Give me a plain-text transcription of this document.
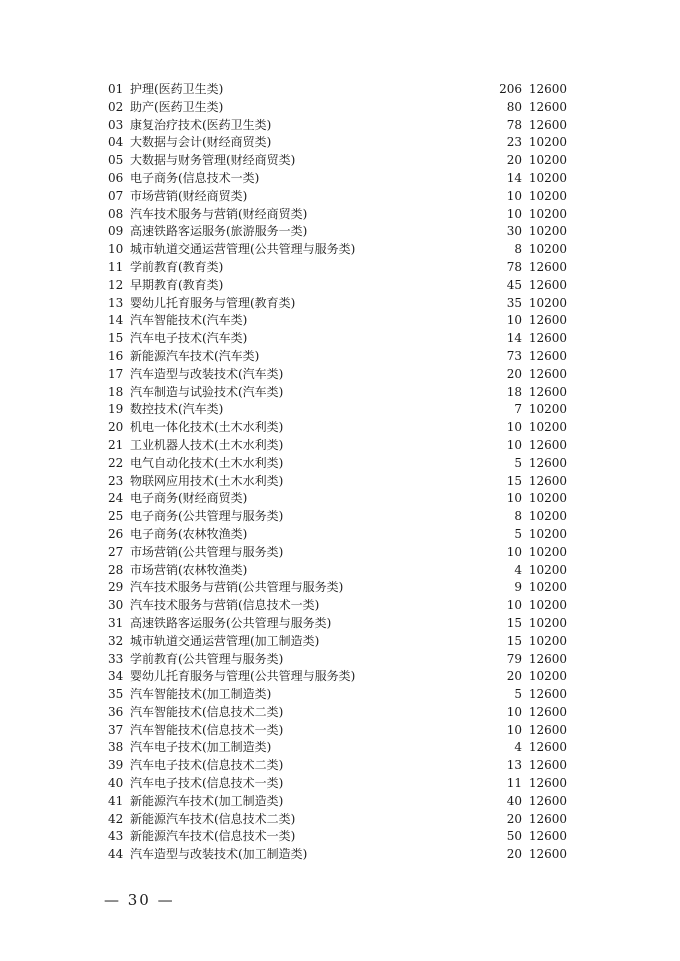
01 护理(医药卫生类)	206 12600
02 助产(医药卫生类)	80 12600
03 康复治疗技术(医药卫生类)	78 12600
04 大数据与会计(财经商贸类)	23 10200
05 大数据与财务管理(财经商贸类)	20 10200
06 电子商务(信息技术一类)	14 10200
07 市场营销(财经商贸类)	10 10200
08 汽车技术服务与营销(财经商贸类)	10 10200
09 高速铁路客运服务(旅游服务一类)	30 10200
10 城市轨道交通运营管理(公共管理与服务类)	8 10200
11 学前教育(教育类)	78 12600
12 早期教育(教育类)	45 12600
13 婴幼儿托育服务与管理(教育类)	35 10200
14 汽车智能技术(汽车类)	10 12600
15 汽车电子技术(汽车类)	14 12600
16 新能源汽车技术(汽车类)	73 12600
17 汽车造型与改装技术(汽车类)	20 12600
18 汽车制造与试验技术(汽车类)	18 12600
19 数控技术(汽车类)	7 10200
20 机电一体化技术(土木水利类)	10 10200
21 工业机器人技术(土木水利类)	10 12600
22 电气自动化技术(土木水利类)	5 12600
23 物联网应用技术(土木水利类)	15 12600
24 电子商务(财经商贸类)	10 10200
25 电子商务(公共管理与服务类)	8 10200
26 电子商务(农林牧渔类)	5 10200
27 市场营销(公共管理与服务类)	10 10200
28 市场营销(农林牧渔类)	4 10200
29 汽车技术服务与营销(公共管理与服务类)	9 10200
30 汽车技术服务与营销(信息技术一类)	10 10200
31 高速铁路客运服务(公共管理与服务类)	15 10200
32 城市轨道交通运营管理(加工制造类)	15 10200
33 学前教育(公共管理与服务类)	79 12600
34 婴幼儿托育服务与管理(公共管理与服务类)	20 10200
35 汽车智能技术(加工制造类)	5 12600
36 汽车智能技术(信息技术二类)	10 12600
37 汽车智能技术(信息技术一类)	10 12600
38 汽车电子技术(加工制造类)	4 12600
39 汽车电子技术(信息技术二类)	13 12600
40 汽车电子技术(信息技术一类)	11 12600
41 新能源汽车技术(加工制造类)	40 12600
42 新能源汽车技术(信息技术二类)	20 12600
43 新能源汽车技术(信息技术一类)	50 12600
44 汽车造型与改装技术(加工制造类)	20 12600
— 30 —
